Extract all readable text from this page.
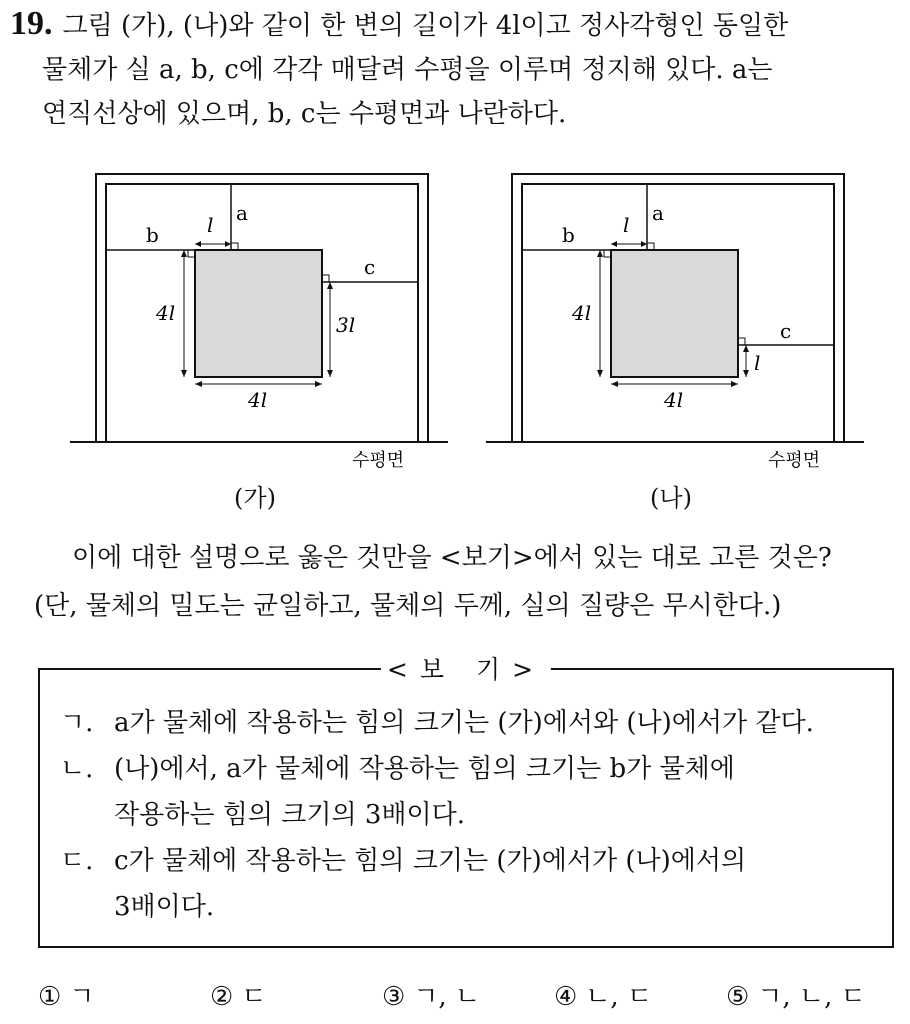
19. 그림 (가), (나)와 같이 한 변의 길이가 4l이고 정사각형인 동일한
물체가 실 a, b, c에 각각 매달려 수평을 이루며 정지해 있다. a는
연직선상에 있으며, b, c는 수평면과 나란하다.
a
b
c
l
4l
4l
3l
수평면
(가)
a
b
c
l
4l
4l
l
수평면
(나)
이에 대한 설명으로 옳은 것만을 <보기>에서 있는 대로 고른 것은?
(단, 물체의 밀도는 균일하고, 물체의 두께, 실의 질량은 무시한다.)
<보 기>
ㄱ. a가 물체에 작용하는 힘의 크기는 (가)에서와 (나)에서가 같다.
ㄴ. (나)에서, a가 물체에 작용하는 힘의 크기는 b가 물체에
작용하는 힘의 크기의 3배이다.
ㄷ. c가 물체에 작용하는 힘의 크기는 (가)에서가 (나)에서의
3배이다.
① ㄱ	② ㄷ	③ ㄱ, ㄴ	④ ㄴ, ㄷ	⑤ ㄱ, ㄴ, ㄷ
